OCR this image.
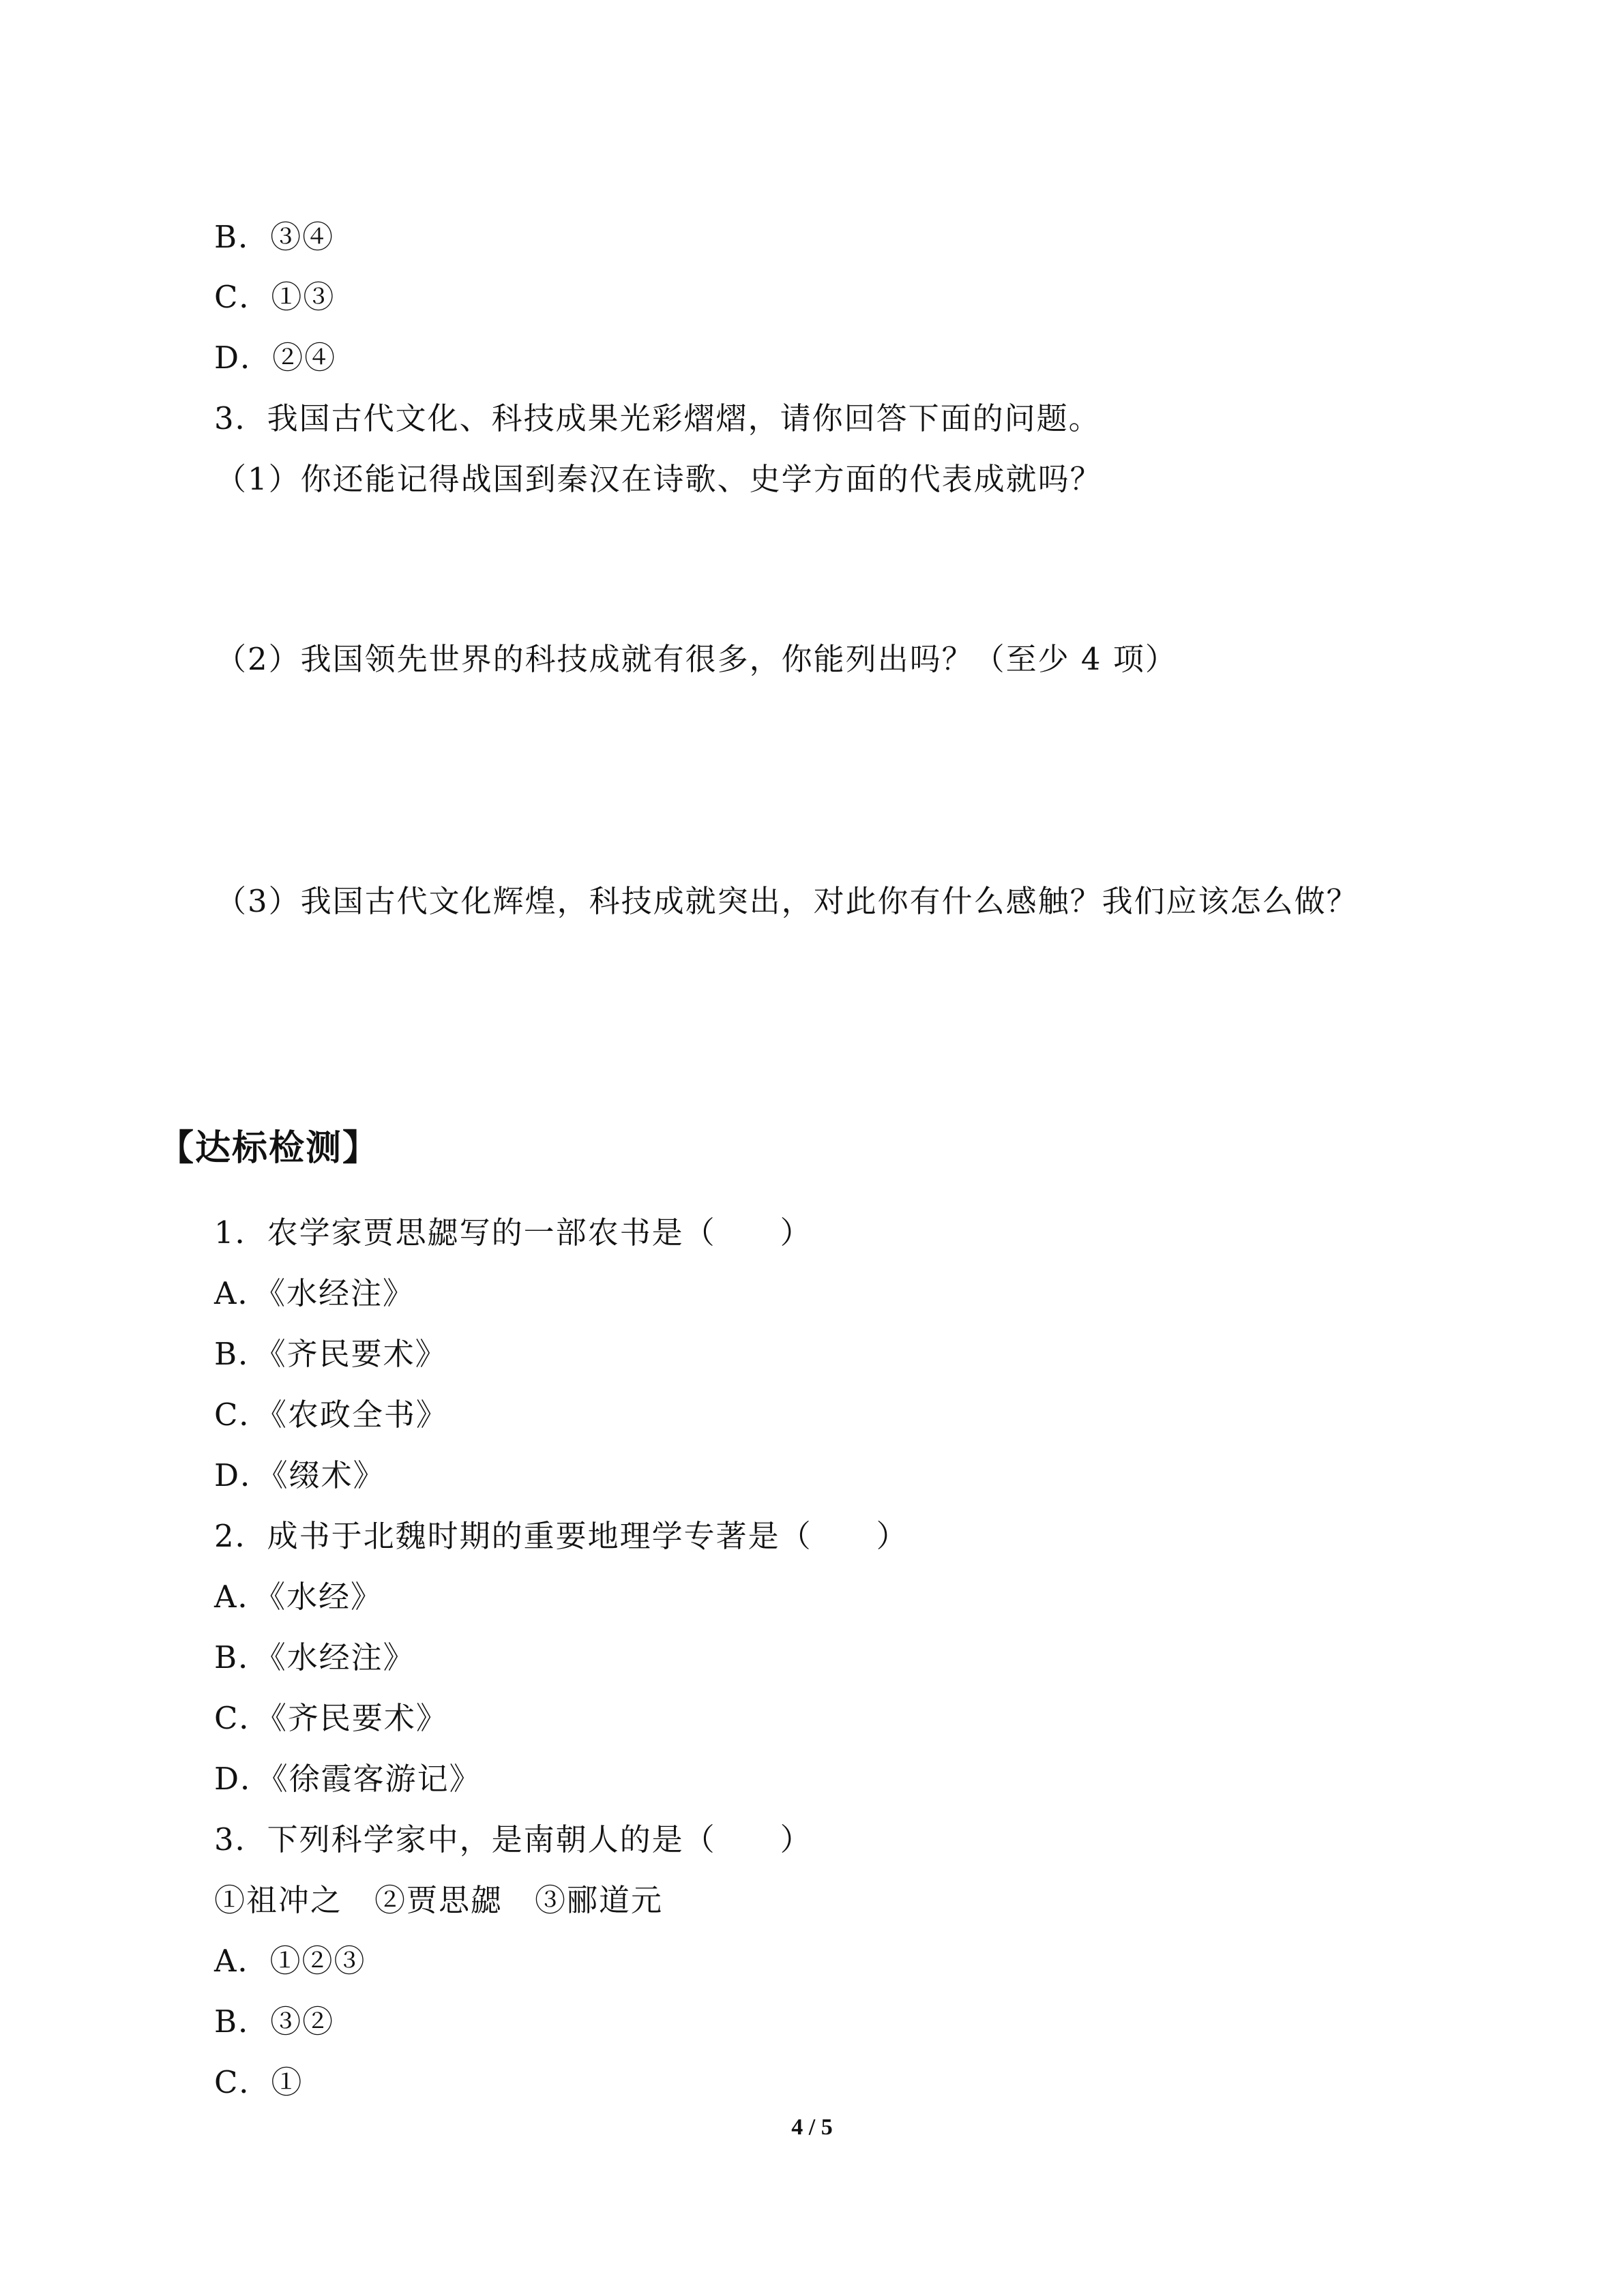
B．③④
C．①③
D．②④
3．我国古代文化、科技成果光彩熠熠，请你回答下面的问题。
（1）你还能记得战国到秦汉在诗歌、史学方面的代表成就吗？
（2）我国领先世界的科技成就有很多，你能列出吗？（至少 4 项）
（3）我国古代文化辉煌，科技成就突出，对此你有什么感触？我们应该怎么做？
【达标检测】
1．农学家贾思勰写的一部农书是（　　）
A．《水经注》
B．《齐民要术》
C．《农政全书》
D．《缀术》
2．成书于北魏时期的重要地理学专著是（　　）
A．《水经》
B．《水经注》
C．《齐民要术》
D．《徐霞客游记》
3．下列科学家中，是南朝人的是（　　）
①祖冲之　②贾思勰　③郦道元
A．①②③
B．③②
C．①
4 / 5
